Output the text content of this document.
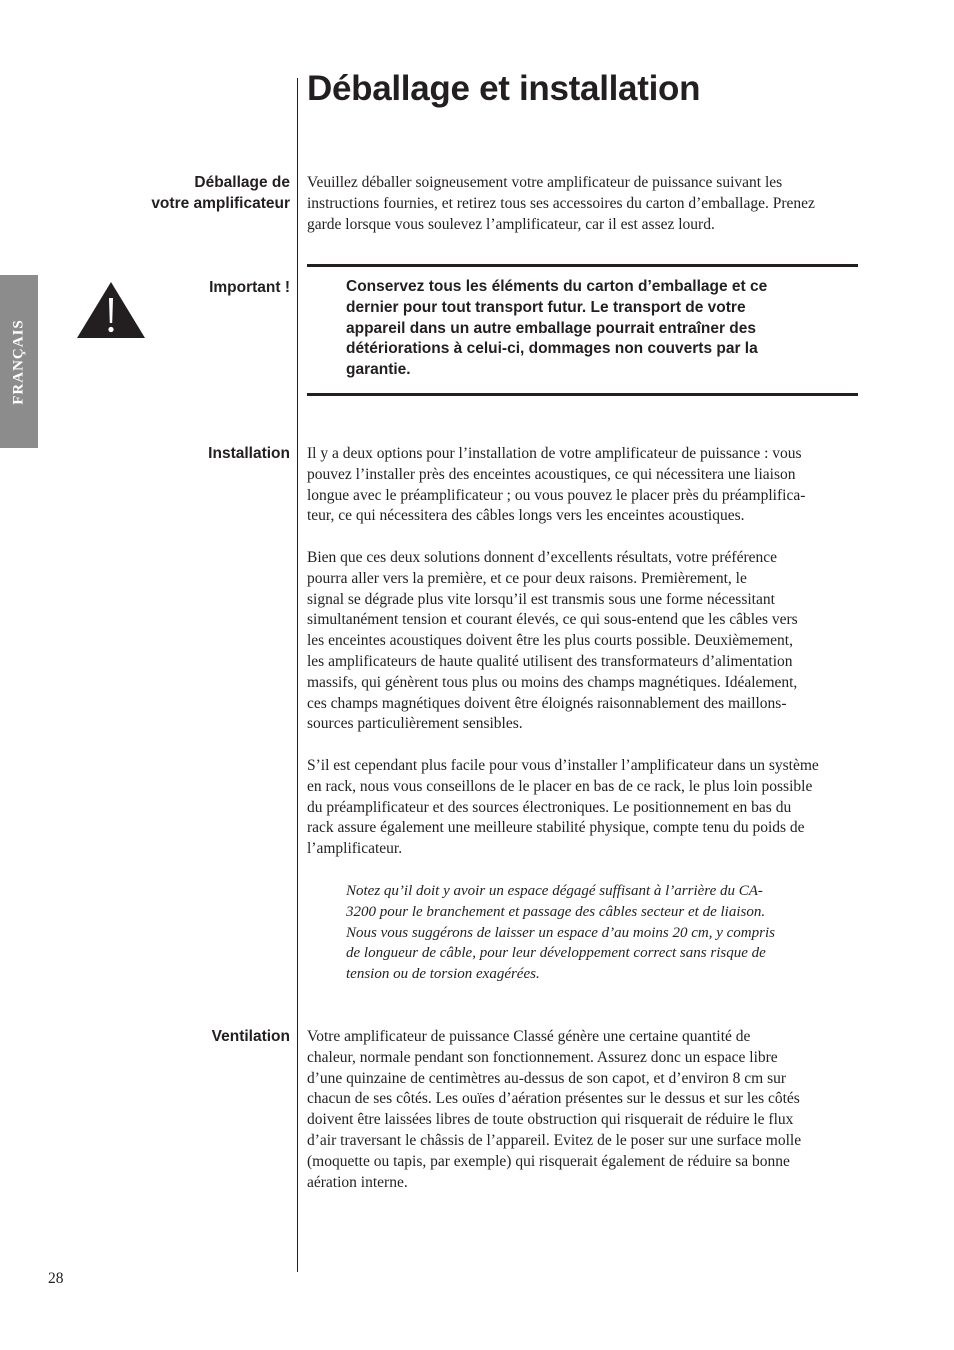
Déballage et installation
FRANÇAIS
Déballage de
votre amplificateur
Veuillez déballer soigneusement votre amplificateur de puissance suivant les
instructions fournies, et retirez tous ses accessoires du carton d’emballage. Prenez
garde lorsque vous soulevez l’amplificateur, car il est assez lourd.
Important !	Conservez tous les éléments du carton d’emballage et ce
dernier pour tout transport futur. Le transport de votre
appareil dans un autre emballage pourrait entraîner des
détériorations à celui-ci, dommages non couverts par la
garantie.
Installation Il y a deux options pour l’installation de votre amplificateur de puissance : vous
pouvez l’installer près des enceintes acoustiques, ce qui nécessitera une liaison
longue avec le préamplificateur ; ou vous pouvez le placer près du préamplifica-
teur, ce qui nécessitera des câbles longs vers les enceintes acoustiques.
Bien que ces deux solutions donnent d’excellents résultats, votre préférence
pourra aller vers la première, et ce pour deux raisons. Premièrement, le
signal se dégrade plus vite lorsqu’il est transmis sous une forme nécessitant
simultanément tension et courant élevés, ce qui sous-entend que les câbles vers
les enceintes acoustiques doivent être les plus courts possible. Deuxièmement,
les amplificateurs de haute qualité utilisent des transformateurs d’alimentation
massifs, qui génèrent tous plus ou moins des champs magnétiques. Idéalement,
ces champs magnétiques doivent être éloignés raisonnablement des maillons-
sources particulièrement sensibles.
S’il est cependant plus facile pour vous d’installer l’amplificateur dans un système
en rack, nous vous conseillons de le placer en bas de ce rack, le plus loin possible
du préamplificateur et des sources électroniques. Le positionnement en bas du
rack assure également une meilleure stabilité physique, compte tenu du poids de
l’amplificateur.
Notez qu’il doit y avoir un espace dégagé suffisant à l’arrière du CA-
3200 pour le branchement et passage des câbles secteur et de liaison.
Nous vous suggérons de laisser un espace d’au moins 20 cm, y compris
de longueur de câble, pour leur développement correct sans risque de
tension ou de torsion exagérées.
Ventilation Votre amplificateur de puissance Classé génère une certaine quantité de
chaleur, normale pendant son fonctionnement. Assurez donc un espace libre
d’une quinzaine de centimètres au-dessus de son capot, et d’environ 8 cm sur
chacun de ses côtés. Les ouïes d’aération présentes sur le dessus et sur les côtés
doivent être laissées libres de toute obstruction qui risquerait de réduire le flux
d’air traversant le châssis de l’appareil. Evitez de le poser sur une surface molle
(moquette ou tapis, par exemple) qui risquerait également de réduire sa bonne
aération interne.
28
